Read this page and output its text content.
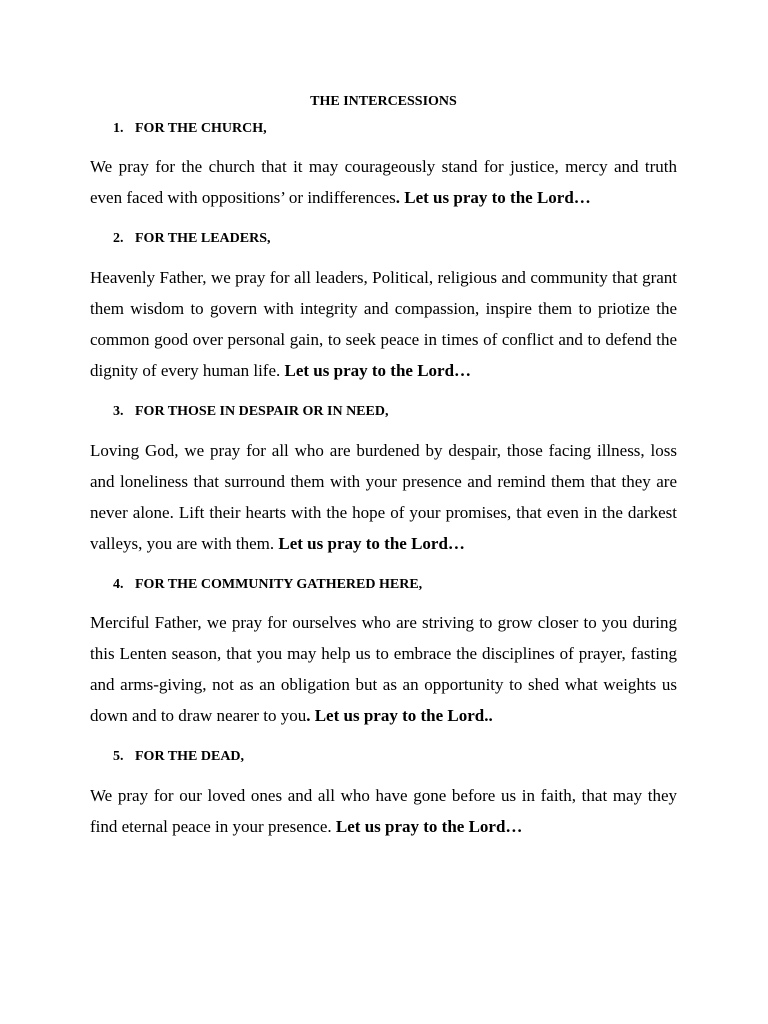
THE INTERCESSIONS
1. FOR THE CHURCH,

We pray for the church that it may courageously stand for justice, mercy and truth even faced with oppositions’ or indifferences. Let us pray to the Lord…

2. FOR THE LEADERS,

Heavenly Father, we pray for all leaders, Political, religious and community that grant them wisdom to govern with integrity and compassion, inspire them to priotize the common good over personal gain, to seek peace in times of conflict and to defend the dignity of every human life. Let us pray to the Lord…

3. FOR THOSE IN DESPAIR OR IN NEED,

Loving God, we pray for all who are burdened by despair, those facing illness, loss and loneliness that surround them with your presence and remind them that they are never alone. Lift their hearts with the hope of your promises, that even in the darkest valleys, you are with them. Let us pray to the Lord…

4. FOR THE COMMUNITY GATHERED HERE,

Merciful Father, we pray for ourselves who are striving to grow closer to you during this Lenten season, that you may help us to embrace the disciplines of prayer, fasting and arms-giving, not as an obligation but as an opportunity to shed what weights us down and to draw nearer to you. Let us pray to the Lord..

5. FOR THE DEAD,

We pray for our loved ones and all who have gone before us in faith, that may they find eternal peace in your presence. Let us pray to the Lord…
